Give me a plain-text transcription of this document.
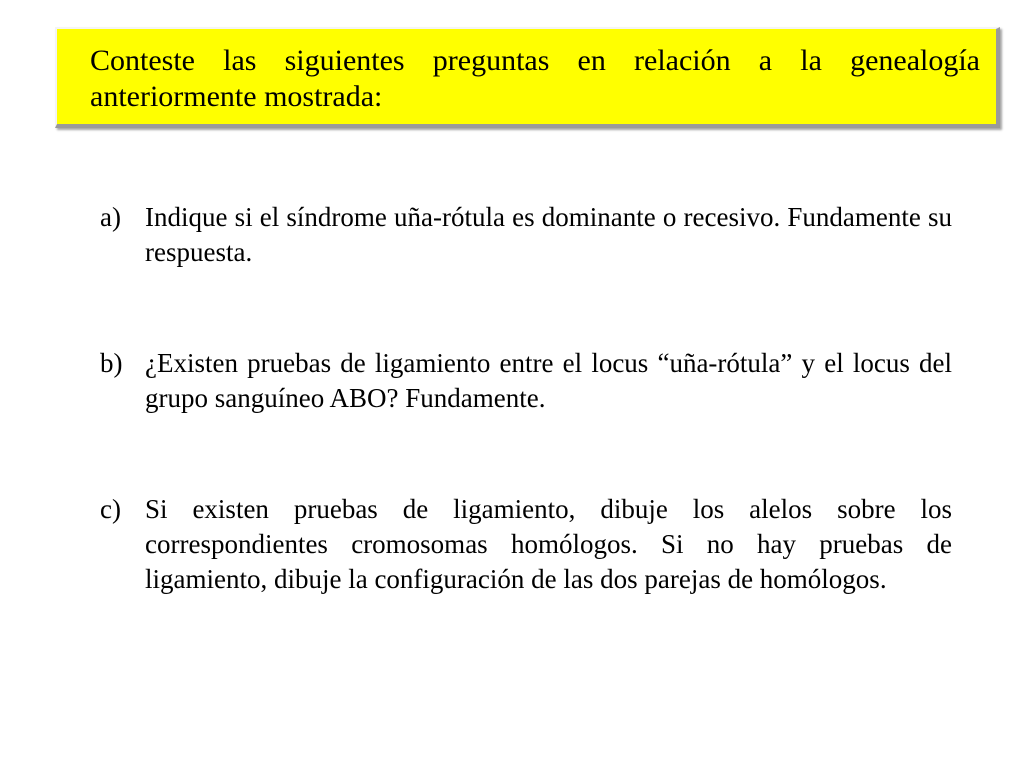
Conteste las siguientes preguntas en relación a la genealogía anteriormente mostrada:

a) Indique si el síndrome uña-rótula es dominante o recesivo. Fundamente su respuesta.
b) ¿Existen pruebas de ligamiento entre el locus “uña-rótula” y el locus del grupo sanguíneo ABO? Fundamente.
c) Si existen pruebas de ligamiento, dibuje los alelos sobre los correspondientes cromosomas homólogos. Si no hay pruebas de ligamiento, dibuje la configuración de las dos parejas de homólogos.
